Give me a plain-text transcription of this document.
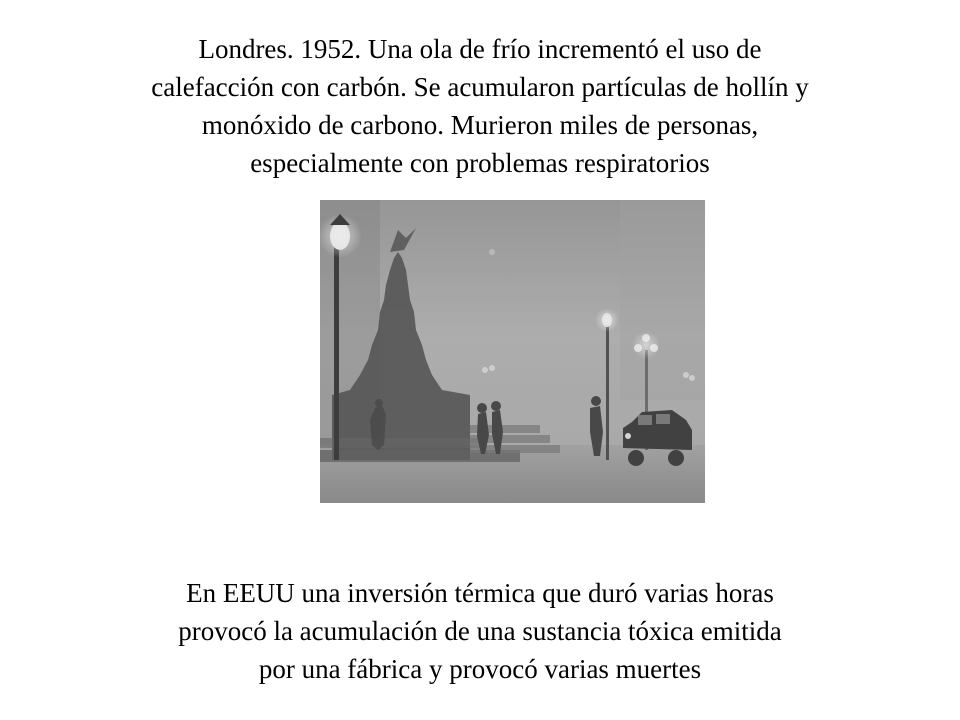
Londres. 1952. Una ola de frío incrementó el uso de
calefacción con carbón. Se acumularon partículas de hollín y
monóxido de carbono. Murieron miles de personas,
especialmente con problemas respiratorios
En EEUU una inversión térmica que duró varias horas
provocó la acumulación de una sustancia tóxica emitida
por una fábrica y provocó varias muertes
